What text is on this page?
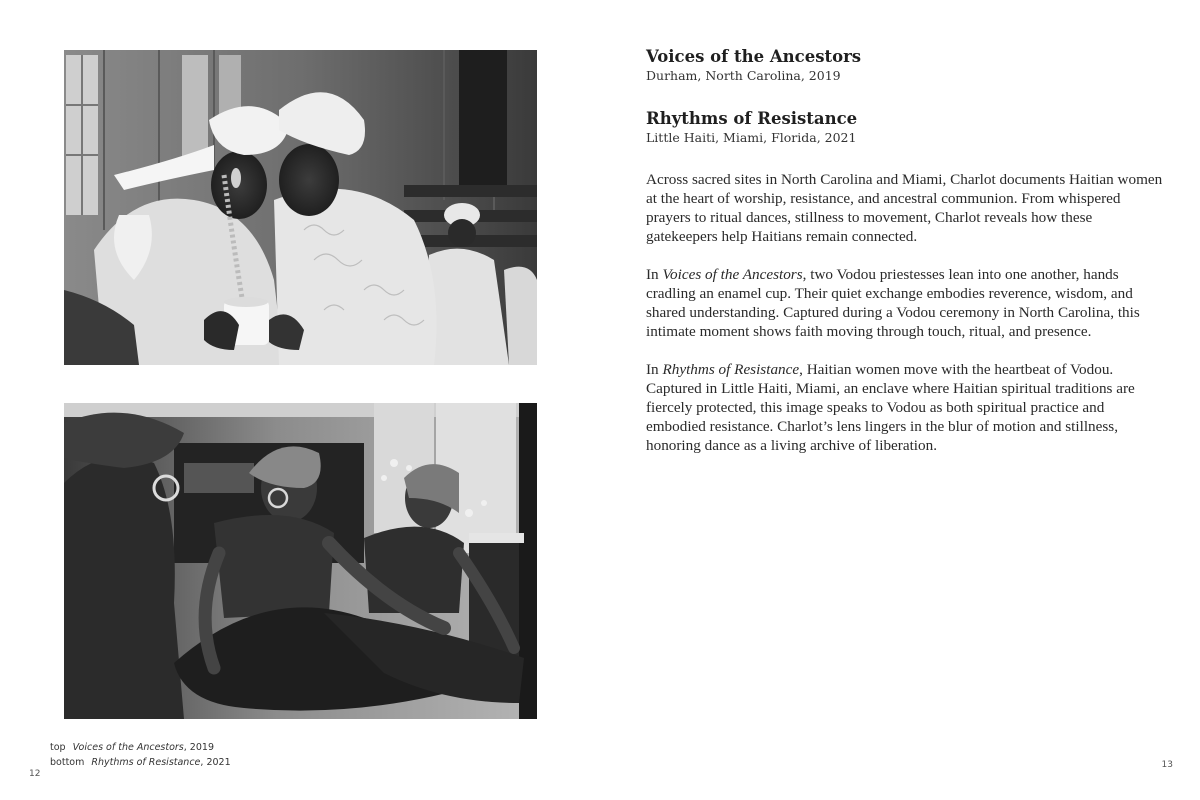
top Voices of the Ancestors, 2019
bottom Rhythms of Resistance, 2021
12
13
Voices of the Ancestors

Durham, North Carolina, 2019

Rhythms of Resistance

Little Haiti, Miami, Florida, 2021

Across sacred sites in North Carolina and Miami, Charlot documents Haitian women at the heart of worship, resistance, and ancestral communion. From whispered prayers to ritual dances, stillness to movement, Charlot reveals how these gatekeepers help Haitians remain connected.

In Voices of the Ancestors, two Vodou priestesses lean into one another, hands cradling an enamel cup. Their quiet exchange embodies reverence, wisdom, and shared understanding. Captured during a Vodou ceremony in North Carolina, this intimate moment shows faith moving through touch, ritual, and presence.

In Rhythms of Resistance, Haitian women move with the heartbeat of Vodou. Captured in Little Haiti, Miami, an enclave where Haitian spiritual traditions are fiercely protected, this image speaks to Vodou as both spiritual practice and embodied resistance. Charlot’s lens lingers in the blur of motion and stillness, honoring dance as a living archive of liberation.
